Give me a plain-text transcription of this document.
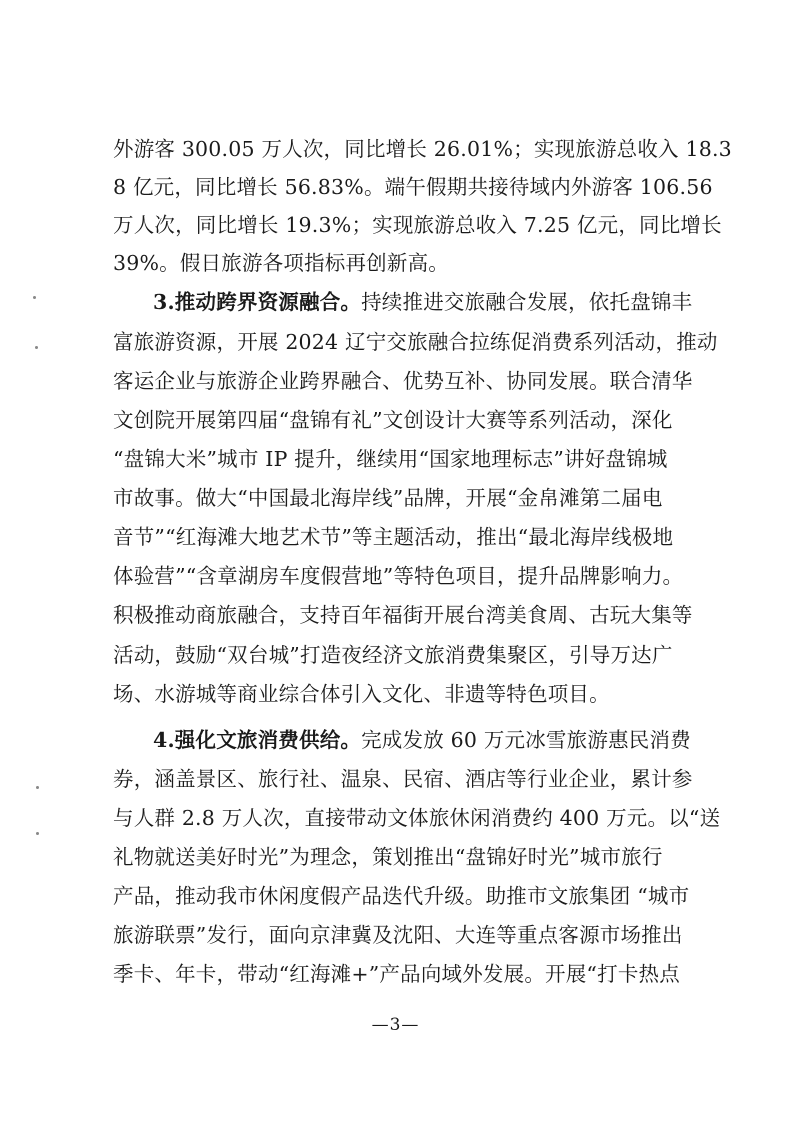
外游客 300.05 万人次，同比增长 26.01%；实现旅游总收入 18.3
8 亿元，同比增长 56.83%。端午假期共接待域内外游客 106.56
万人次，同比增长 19.3%；实现旅游总收入 7.25 亿元，同比增长
39%。假日旅游各项指标再创新高。
3.推动跨界资源融合。持续推进交旅融合发展，依托盘锦丰
富旅游资源，开展 2024 辽宁交旅融合拉练促消费系列活动，推动
客运企业与旅游企业跨界融合、优势互补、协同发展。联合清华
文创院开展第四届“盘锦有礼”文创设计大赛等系列活动，深化
“盘锦大米”城市 IP 提升，继续用“国家地理标志”讲好盘锦城
市故事。做大“中国最北海岸线”品牌，开展“金帛滩第二届电
音节”“红海滩大地艺术节”等主题活动，推出“最北海岸线极地
体验营”“含章湖房车度假营地”等特色项目，提升品牌影响力。
积极推动商旅融合，支持百年福街开展台湾美食周、古玩大集等
活动，鼓励“双台城”打造夜经济文旅消费集聚区，引导万达广
场、水游城等商业综合体引入文化、非遗等特色项目。
4.强化文旅消费供给。完成发放 60 万元冰雪旅游惠民消费
券，涵盖景区、旅行社、温泉、民宿、酒店等行业企业，累计参
与人群 2.8 万人次，直接带动文体旅休闲消费约 400 万元。以“送
礼物就送美好时光”为理念，策划推出“盘锦好时光”城市旅行
产品，推动我市休闲度假产品迭代升级。助推市文旅集团 “城市
旅游联票”发行，面向京津冀及沈阳、大连等重点客源市场推出
季卡、年卡，带动“红海滩+”产品向域外发展。开展“打卡热点
—3—
